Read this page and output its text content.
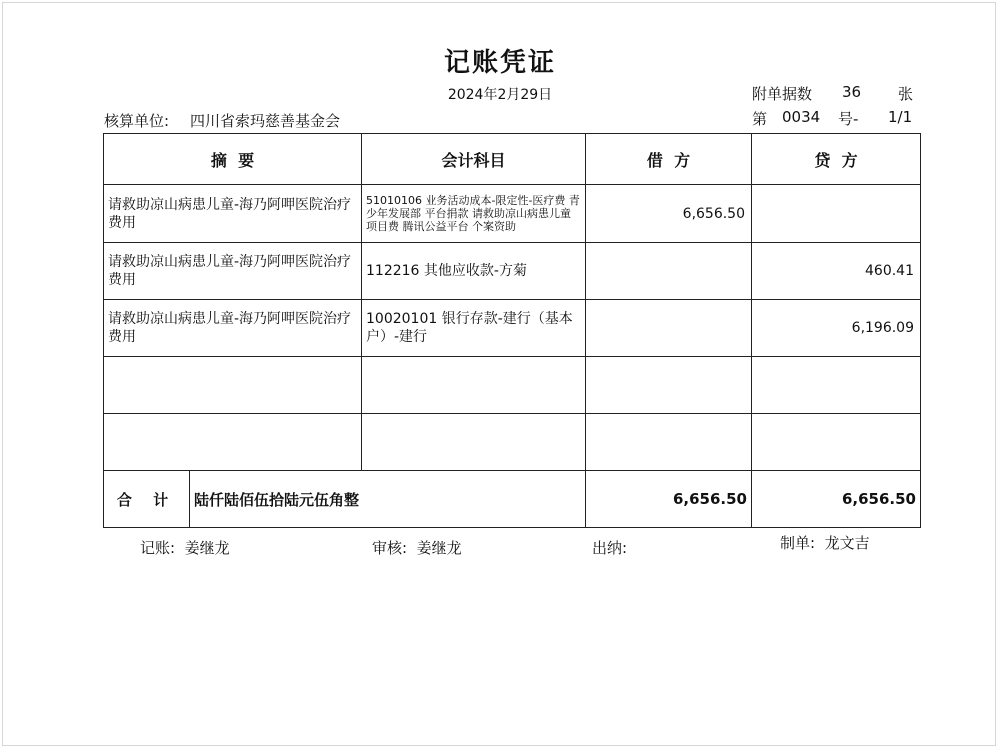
记账凭证
2024年2月29日	附单据数 36 张
核算单位: 四川省索玛慈善基金会	第 0034 号- 1/1
摘  要		会计科目	借  方	贷  方
请救助凉山病患儿童-海乃阿呷医院治疗费用		51010106 业务活动成本-限定性-医疗费 青少年发展部 平台捐款 请救助凉山病患儿童 项目费 腾讯公益平台 个案资助	6,656.50	
请救助凉山病患儿童-海乃阿呷医院治疗费用		112216 其他应收款-方菊		460.41
请救助凉山病患儿童-海乃阿呷医院治疗费用		10020101 银行存款-建行（基本户）-建行		6,196.09

合 计	陆仟陆佰伍拾陆元伍角整		6,656.50	6,656.50
记账:  姜继龙	审核:  姜继龙	出纳:	制单:  龙文吉
